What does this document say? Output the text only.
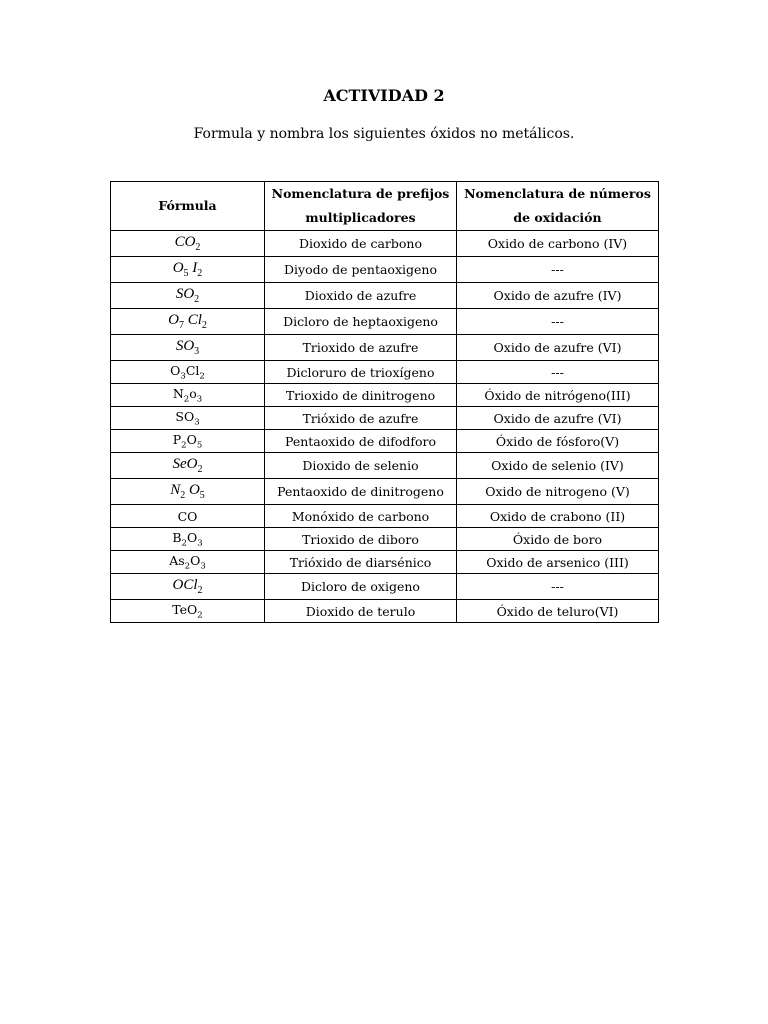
ACTIVIDAD 2
Formula y nombra los siguientes óxidos no metálicos.
Fórmula	Nomenclatura de prefijos multiplicadores	Nomenclatura de números de oxidación
$CO_2$	Dioxido de carbono	Oxido de carbono (IV)
$O_5$ $I_2$	Diyodo de pentaoxigeno	---
$SO_2$	Dioxido de azufre	Oxido de azufre (IV)
$O_7$ $Cl_2$	Dicloro de heptaoxigeno	---
$SO_3$	Trioxido de azufre	Oxido de azufre (VI)
$O_3Cl_2$	Dicloruro de trioxígeno	---
$N_2o_3$	Trioxido de dinitrogeno	Óxido de nitrógeno(III)
$SO_3$	Trióxido de azufre	Oxido de azufre (VI)
$P_2O_5$	Pentaoxido de difodforo	Óxido de fósforo(V)
SeO$_2$	Dioxido de selenio	Oxido de selenio (IV)
$N_2$ $O_5$	Pentaoxido de dinitrogeno	Oxido de nitrogeno (V)
CO	Monóxido de carbono	Oxido de crabono (II)
$B_2O_3$	Trioxido de diboro	Óxido de boro
$As_2O_3$	Trióxido de diarsénico	Oxido de arsenico (III)
OCl$_2$	Dicloro de oxigeno	---
TeO$_2$	Dioxido de terulo	Óxido de teluro(VI)
